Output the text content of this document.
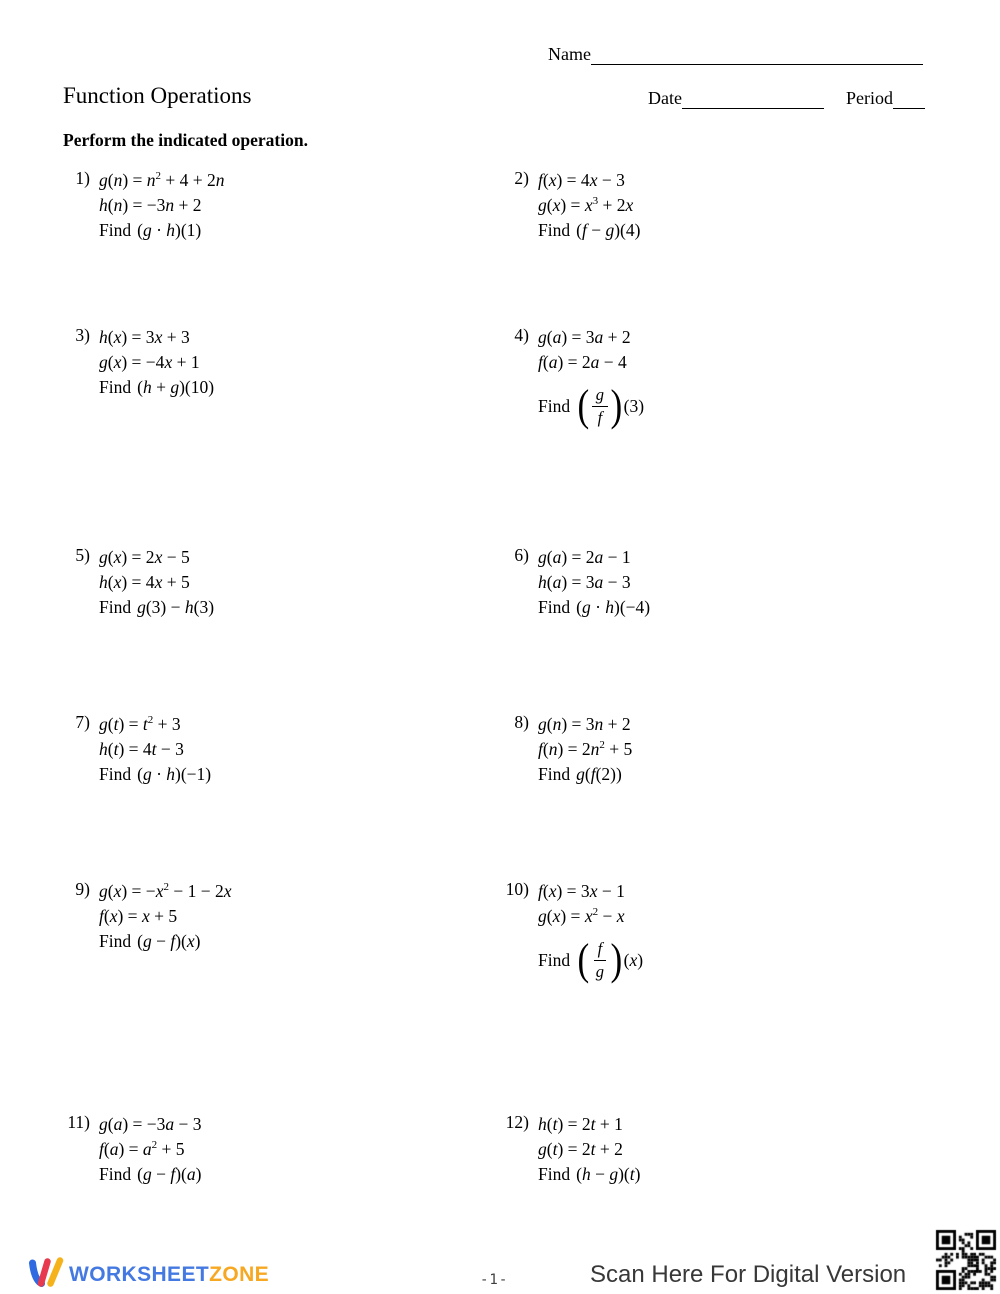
Name
Function Operations	Date	Period
Perform the indicated operation.
1) $g(n) = n^2 + 4 + 2n$
h(n) = −3n + 2
Find (g · h)(1)
2) f(x) = 4x − 3
$g(x) = x^3 + 2x$
Find (f − g)(4)
3) h(x) = 3x + 3
g(x) = −4x + 1
Find (h + g)(10)
4) g(a) = 3a + 2
f(a) = 2a − 4
Find ( $\frac{g}{f}$ ) (3)
5) g(x) = 2x − 5
h(x) = 4x + 5
Find g(3) − h(3)
6) g(a) = 2a − 1
h(a) = 3a − 3
Find (g · h)(−4)
7) $g(t) = t^2 + 3$
h(t) = 4t − 3
Find (g · h)(−1)
8) g(n) = 3n + 2
$f(n) = 2n^2 + 5$
Find g(f(2))
9) $g(x) = -x^2 - 1 - 2x$
f(x) = x + 5
Find (g − f)(x)
10) f(x) = 3x − 1
$g(x) = x^2 - x$
Find ( $\frac{f}{g}$ ) (x)
11) g(a) = −3a − 3
$f(a) = a^2 + 5$
Find (g − f)(a)
12) h(t) = 2t + 1
g(t) = 2t + 2
Find (h − g)(t)
WORKSHEET ZONE	-1-	Scan Here For Digital Version
